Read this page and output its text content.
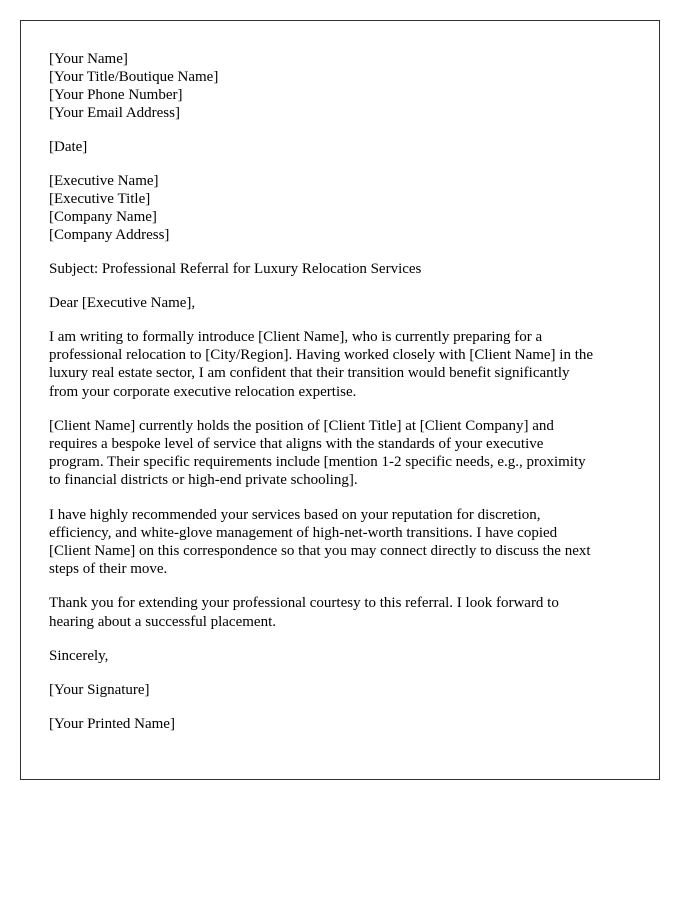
[Your Name]
[Your Title/Boutique Name]
[Your Phone Number]
[Your Email Address]
[Date]
[Executive Name]
[Executive Title]
[Company Name]
[Company Address]
Subject: Professional Referral for Luxury Relocation Services
Dear [Executive Name],
I am writing to formally introduce [Client Name], who is currently preparing for a
professional relocation to [City/Region]. Having worked closely with [Client Name] in the
luxury real estate sector, I am confident that their transition would benefit significantly
from your corporate executive relocation expertise.
[Client Name] currently holds the position of [Client Title] at [Client Company] and
requires a bespoke level of service that aligns with the standards of your executive
program. Their specific requirements include [mention 1-2 specific needs, e.g., proximity
to financial districts or high-end private schooling].
I have highly recommended your services based on your reputation for discretion,
efficiency, and white-glove management of high-net-worth transitions. I have copied
[Client Name] on this correspondence so that you may connect directly to discuss the next
steps of their move.
Thank you for extending your professional courtesy to this referral. I look forward to
hearing about a successful placement.
Sincerely,
[Your Signature]
[Your Printed Name]
